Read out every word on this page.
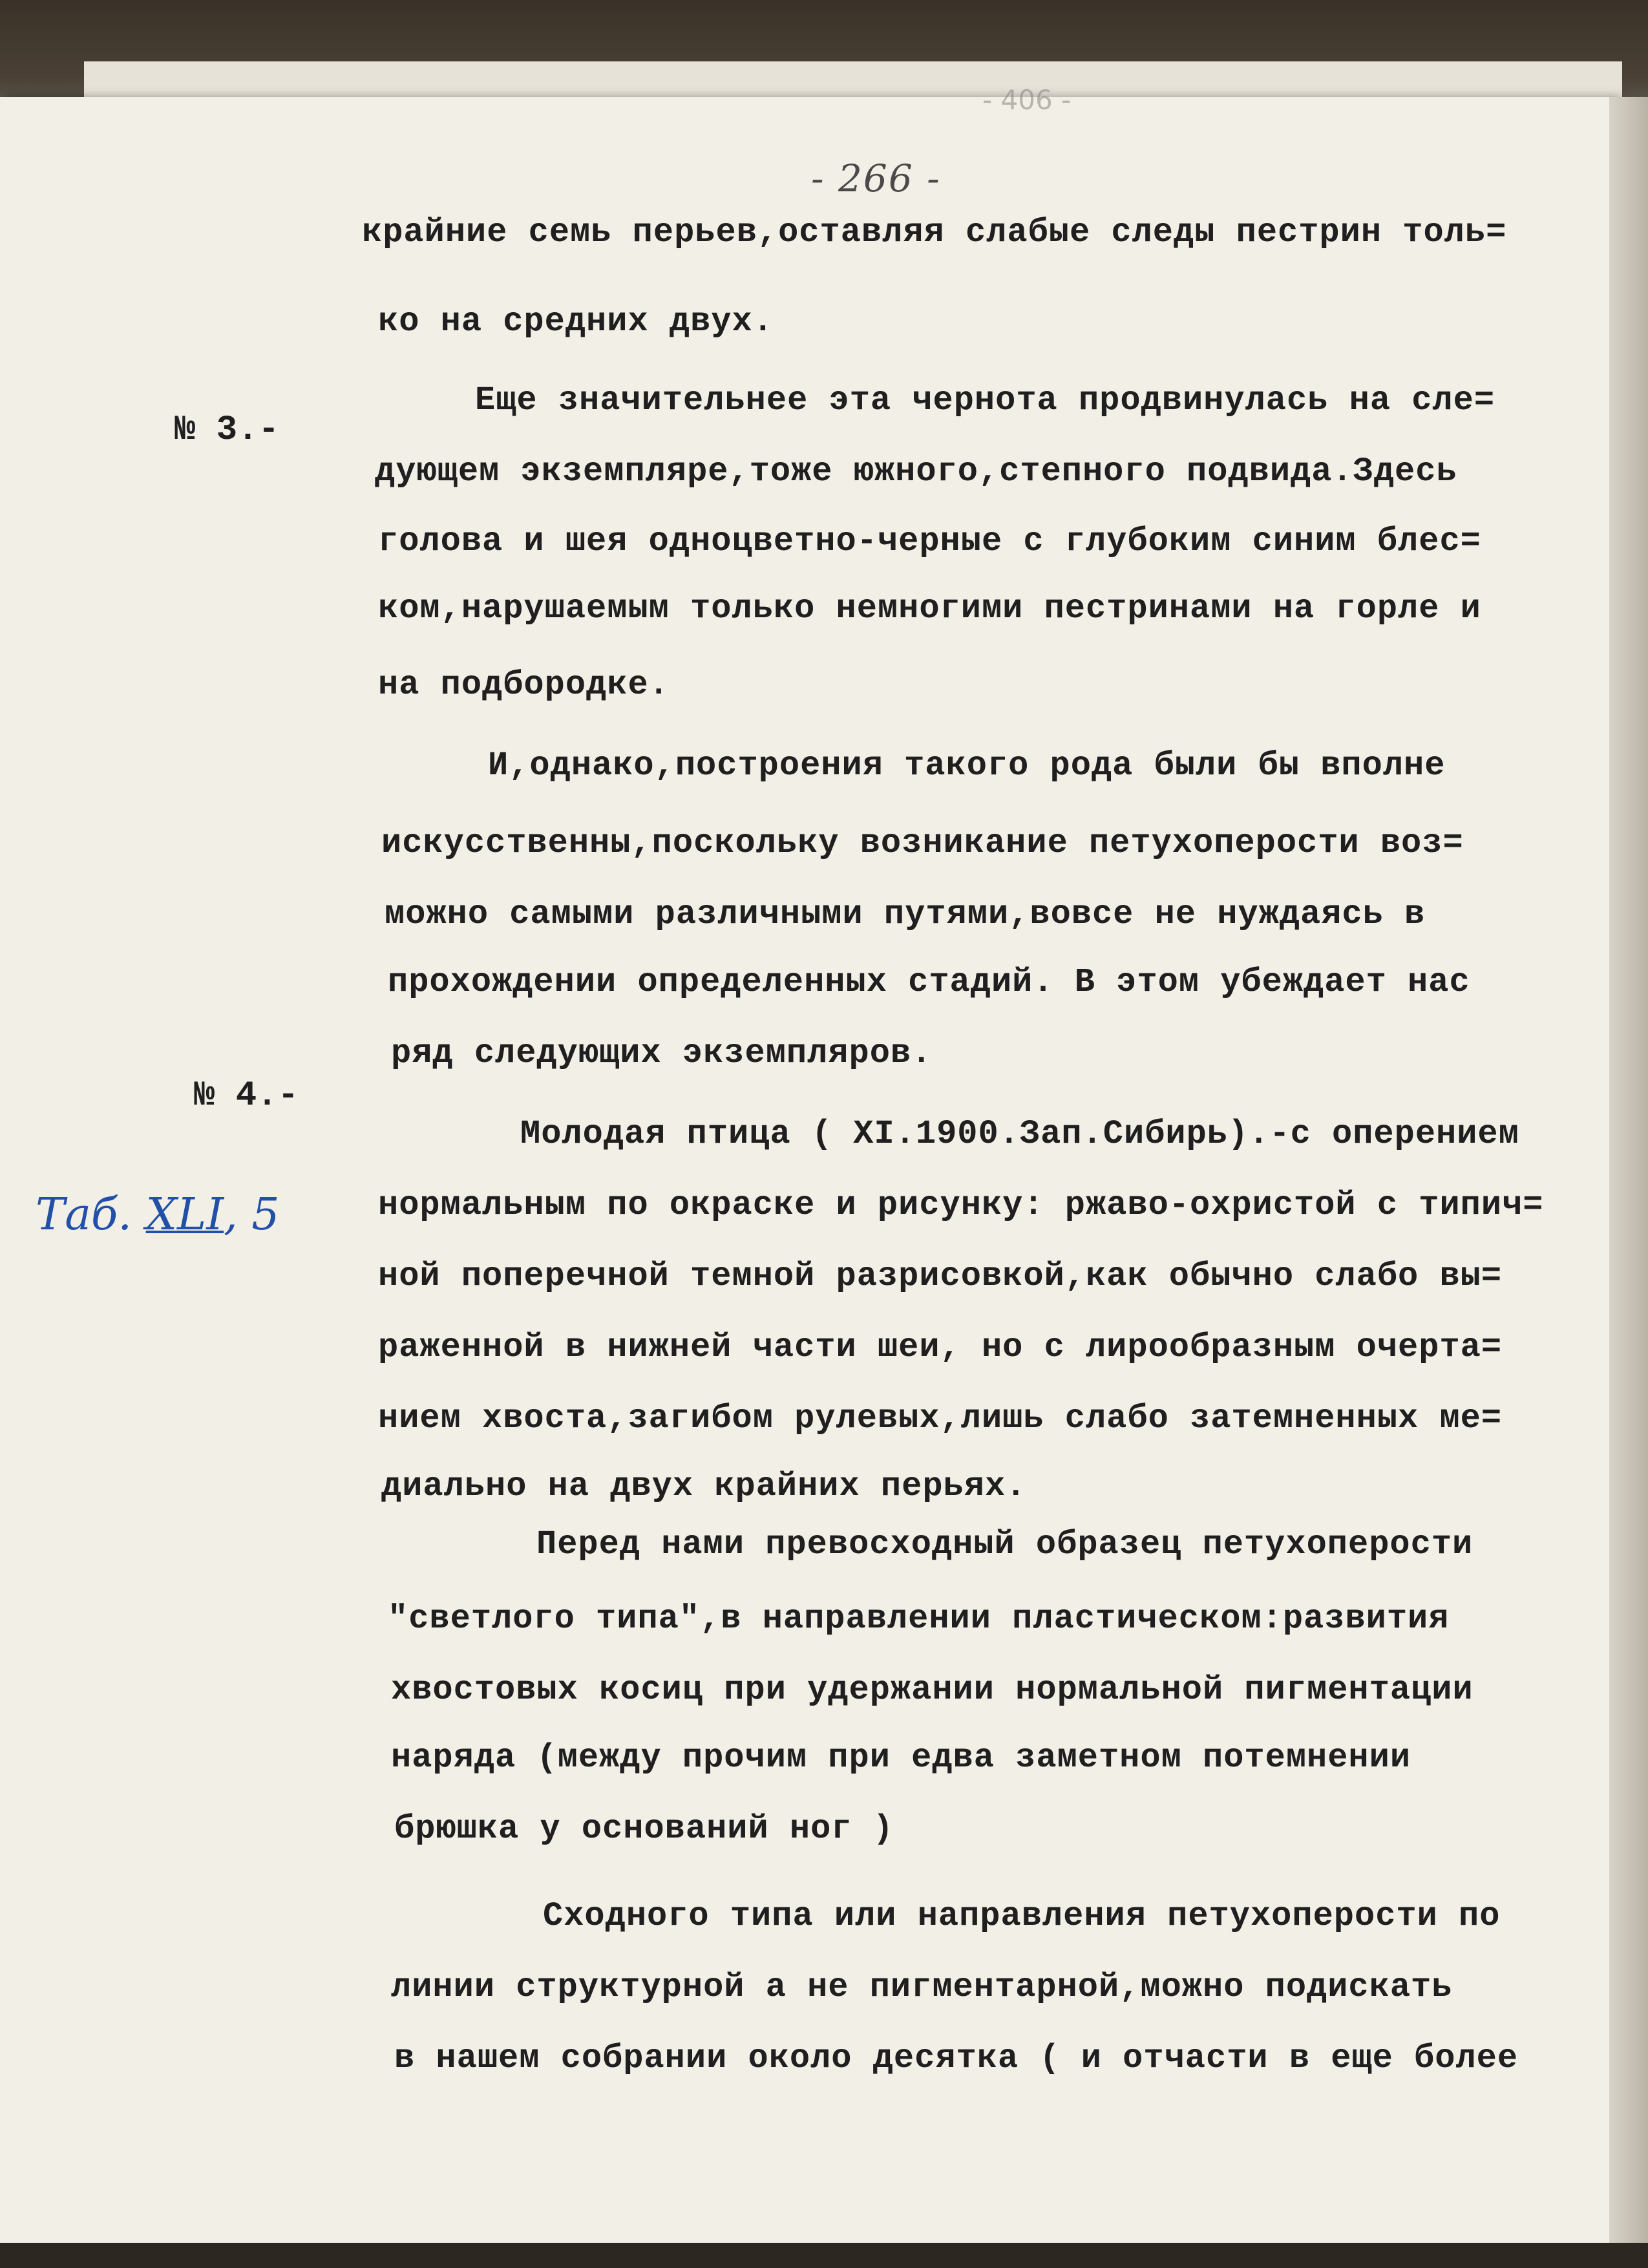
- 406 -
- 266 -

№ 3.-
№ 4.-
Таб. XLI, 5
крайние семь перьев,оставляя слабые следы пестрин толь=
ко на средних двух.
Еще значительнее эта чернота продвинулась на сле=
дующем экземпляре,тоже южного,степного подвида.Здесь
голова и шея одноцветно-черные с глубоким синим блес=
ком,нарушаемым только немногими пестринами на горле и
на подбородке.
И,однако,построения такого рода были бы вполне
искусственны,поскольку возникание петухоперости воз=
можно самыми различными путями,вовсе не нуждаясь в
прохождении определенных стадий. В этом убеждает нас
ряд следующих экземпляров.
Молодая птица ( XI.1900.Зап.Сибирь).-с оперением
нормальным по окраске и рисунку: ржаво-охристой с типич=
ной поперечной темной разрисовкой,как обычно слабо вы=
раженной в нижней части шеи, но с лирообразным очерта=
нием хвоста,загибом рулевых,лишь слабо затемненных ме=
диально на двух крайних перьях.
Перед нами превосходный образец петухоперости
"светлого типа",в направлении пластическом:развития
хвостовых косиц при удержании нормальной пигментации
наряда (между прочим при едва заметном потемнении
брюшка у оснований ног )
Сходного типа или направления петухоперости по
линии структурной а не пигментарной,можно подискать
в нашем собрании около десятка ( и отчасти в еще более
